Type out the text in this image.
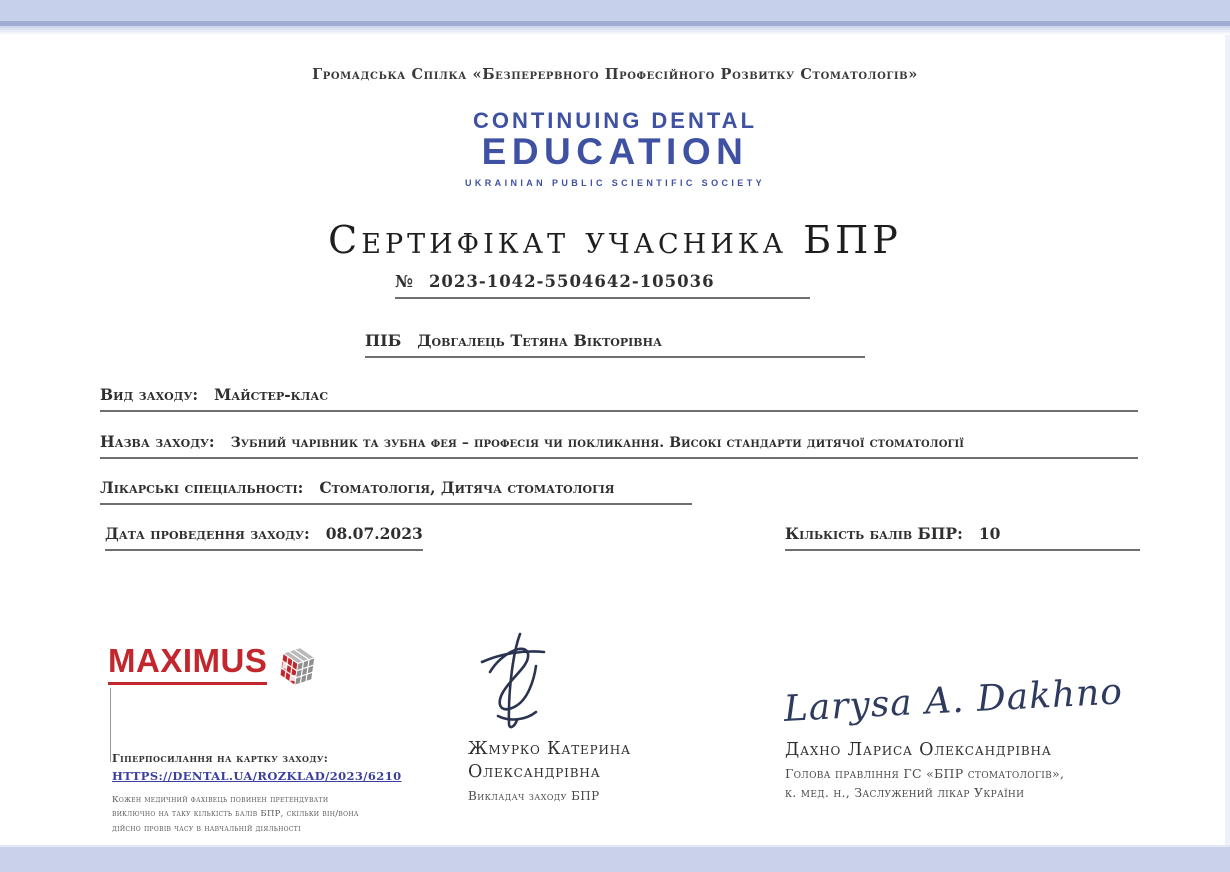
Громадська Спілка «Безперервного Професійного Розвитку Стоматологів»
CONTINUING DENTAL
EDUCATION
UKRAINIAN PUBLIC SCIENTIFIC SOCIETY
Сертифікат учасника БПР
№ 2023-1042-5504642-105036
ПІБ Довгалець Тетяна Вікторівна
Вид заходу: Майстер-клас
Назва заходу: Зубний чарівник та зубна фея – професія чи покликання. Високі стандарти дитячої стоматології
Лікарські спеціальності: Стоматологія, Дитяча стоматологія
Дата проведення заходу: 08.07.2023	Кількість балів БПР: 10
MAXIMUS
Гіперпосилання на картку заходу:
HTTPS://DENTAL.UA/ROZKLAD/2023/6210
Кожен медичний фахівець повинен претендувати виключно на таку кількість балів БПР, скільки він/вона дійсно провів часу в навчальній діяльності
Жмурко Катерина
Олександрівна
Викладач заходу БПР
Larysa A. Dakhno
Дахно Лариса Олександрівна
Голова правління ГС «БПР стоматологів»,
к. мед. н., Заслужений лікар України
